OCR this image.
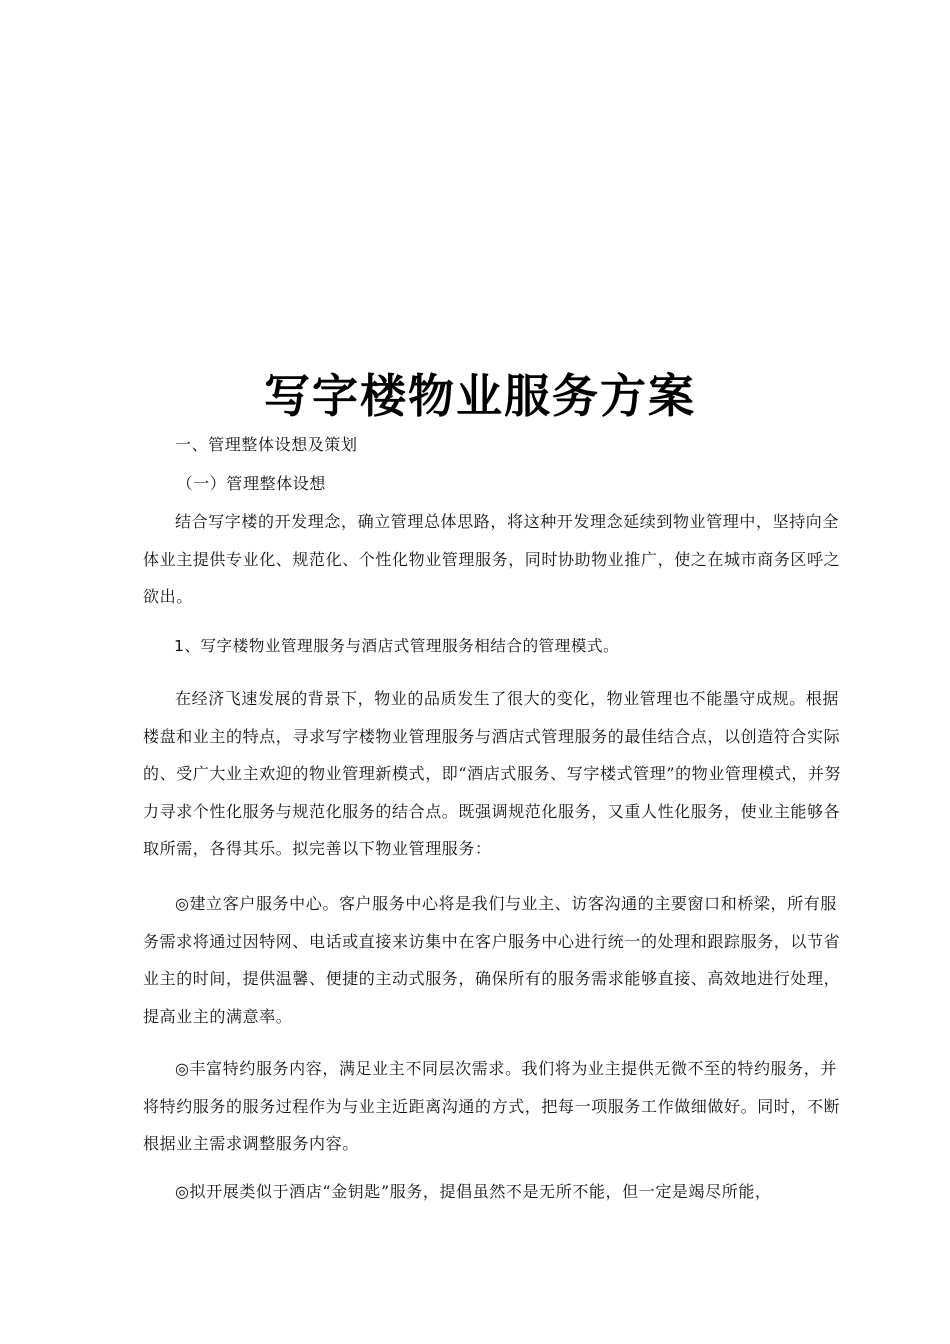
写字楼物业服务方案

一、管理整体设想及策划

（一）管理整体设想

结合写字楼的开发理念，确立管理总体思路，将这种开发理念延续到物业管理中，坚持向全体业主提供专业化、规范化、个性化物业管理服务，同时协助物业推广，使之在城市商务区呼之欲出。

1、写字楼物业管理服务与酒店式管理服务相结合的管理模式。

在经济飞速发展的背景下，物业的品质发生了很大的变化，物业管理也不能墨守成规。根据楼盘和业主的特点，寻求写字楼物业管理服务与酒店式管理服务的最佳结合点，以创造符合实际的、受广大业主欢迎的物业管理新模式，即“酒店式服务、写字楼式管理”的物业管理模式，并努力寻求个性化服务与规范化服务的结合点。既强调规范化服务，又重人性化服务，使业主能够各取所需，各得其乐。拟完善以下物业管理服务：

◎建立客户服务中心。客户服务中心将是我们与业主、访客沟通的主要窗口和桥梁，所有服务需求将通过因特网、电话或直接来访集中在客户服务中心进行统一的处理和跟踪服务，以节省业主的时间，提供温馨、便捷的主动式服务，确保所有的服务需求能够直接、高效地进行处理，提高业主的满意率。

◎丰富特约服务内容，满足业主不同层次需求。我们将为业主提供无微不至的特约服务，并将特约服务的服务过程作为与业主近距离沟通的方式，把每一项服务工作做细做好。同时，不断根据业主需求调整服务内容。

◎拟开展类似于酒店“金钥匙”服务，提倡虽然不是无所不能，但一定是竭尽所能，
